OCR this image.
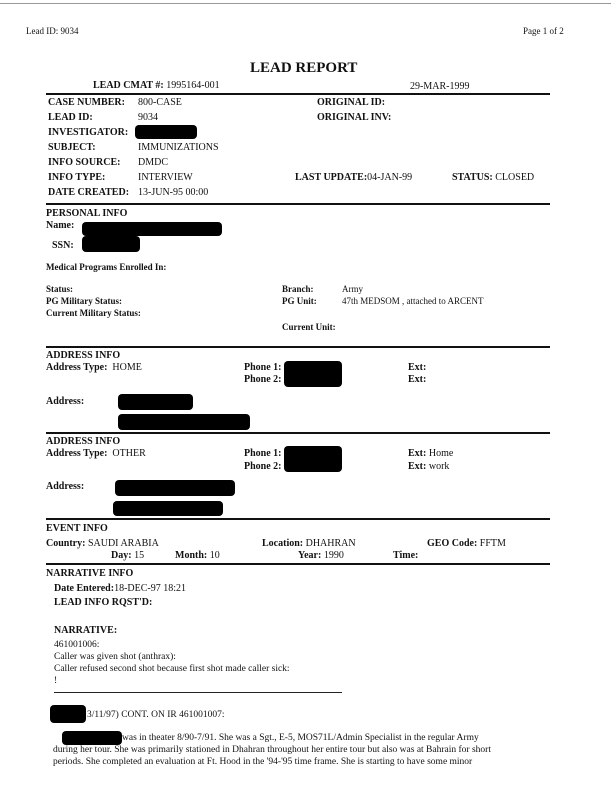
Lead ID: 9034	Page 1 of 2
LEAD REPORT
LEAD CMAT #: 1995164-001	29-MAR-1999
CASE NUMBER: 800-CASE
LEAD ID:	9034
INVESTIGATOR:
SUBJECT:	IMMUNIZATIONS
INFO SOURCE: DMDC
INFO TYPE:	INTERVIEW
DATE CREATED: 13-JUN-95 00:00
ORIGINAL ID:
ORIGINAL INV:
LAST UPDATE:04-JAN-99	STATUS: CLOSED
PERSONAL INFO
Name:
SSN:
Medical Programs Enrolled In:
Status:
PG Military Status:
Current Military Status:
Branch:	Army
PG Unit:	47th MEDSOM , attached to ARCENT
Current Unit:
ADDRESS INFO
Address Type: HOME	Phone 1:
Phone 2:
Ext:
Ext:
Address:
ADDRESS INFO
Address Type: OTHER	Phone 1:
Phone 2:
Ext: Home
Ext: work
Address:
EVENT INFO
Country: SAUDI ARABIA	Location: DHAHRAN	GEO Code: FFTM
Day: 15	Month: 10	Year: 1990	Time:
NARRATIVE INFO
Date Entered:18-DEC-97 18:21
LEAD INFO RQST'D:
NARRATIVE:
461001006:
Caller was given shot (anthrax):
Caller refused second shot because first shot made caller sick:
!
3/11/97) CONT. ON IR 461001007:
was in theater 8/90-7/91. She was a Sgt., E-5, MOS71L/Admin Specialist in the regular Army
during her tour. She was primarily stationed in Dhahran throughout her entire tour but also was at Bahrain for short
periods. She completed an evaluation at Ft. Hood in the '94-'95 time frame. She is starting to have some minor
